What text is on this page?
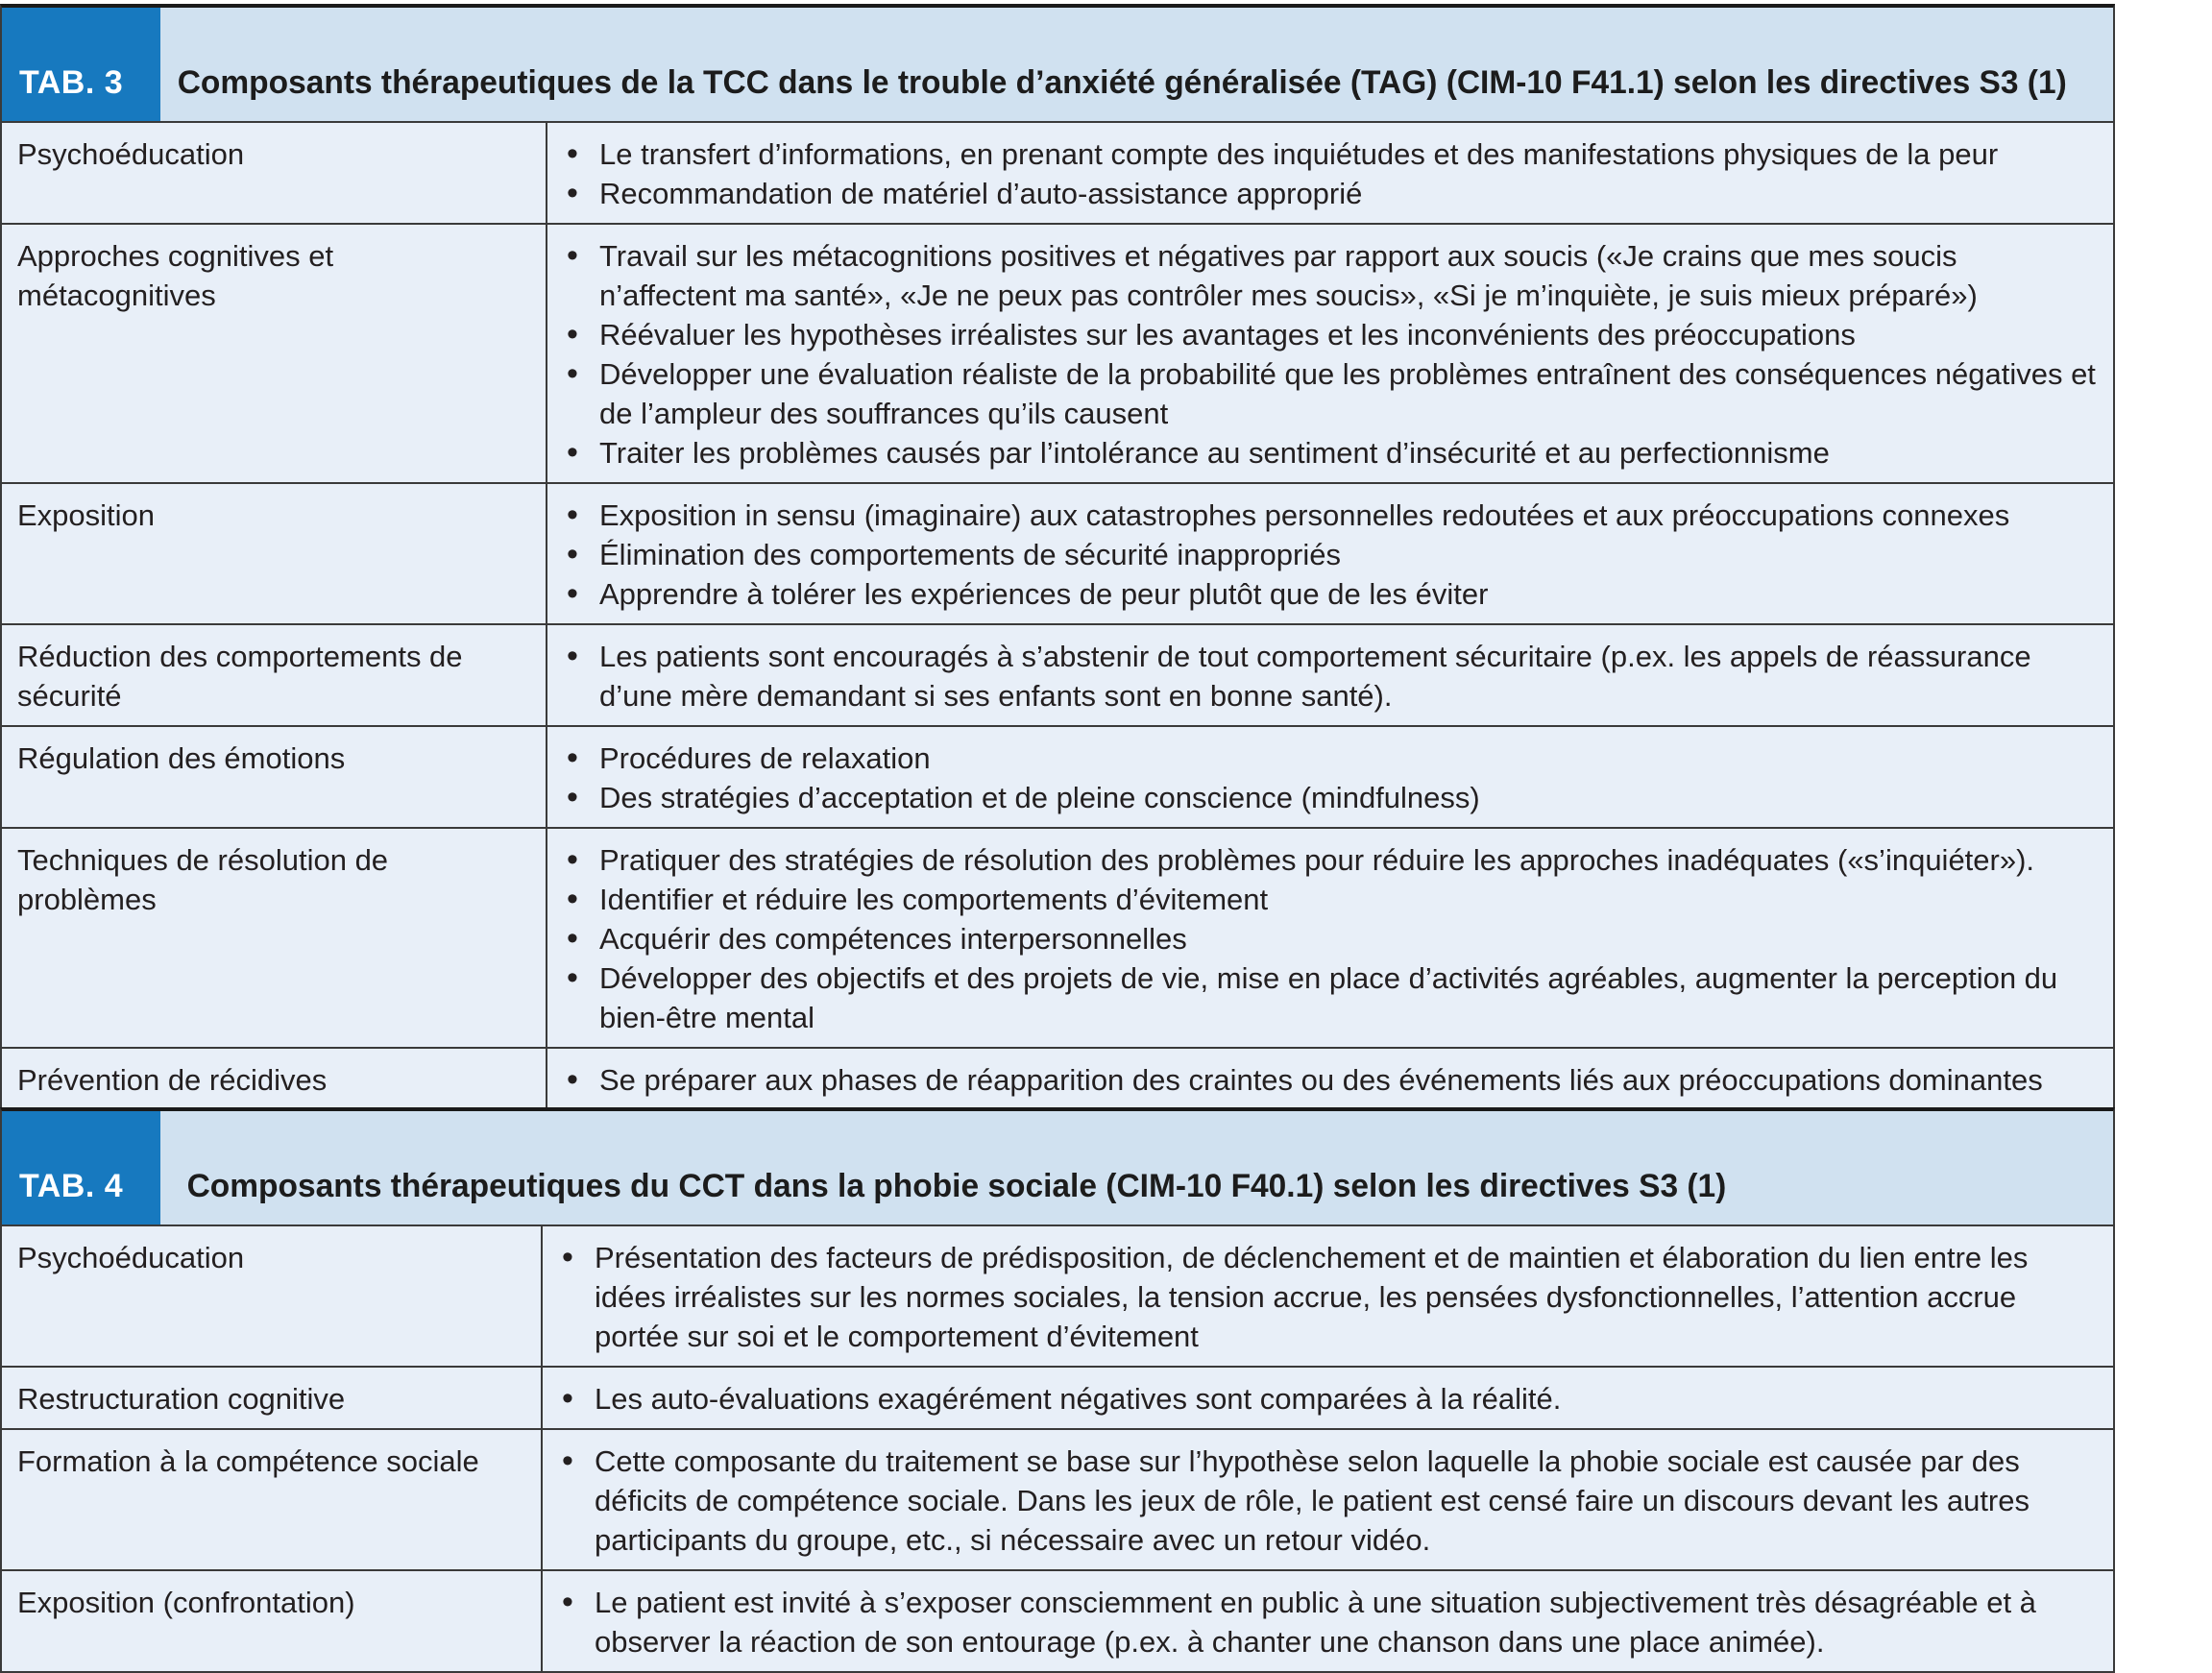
TAB. 3	Composants thérapeutiques de la TCC dans le trouble d’anxiété généralisée (TAG) (CIM-10 F41.1) selon les directives S3 (1)
Psychoéducation	• Le transfert d’informations, en prenant compte des inquiétudes et des manifestations physiques de la peur
• Recommandation de matériel d’auto-assistance approprié
Approches cognitives et métacognitives
• Travail sur les métacognitions positives et négatives par rapport aux soucis («Je crains que mes soucis n’affectent ma santé», «Je ne peux pas contrôler mes soucis», «Si je m’inquiète, je suis mieux préparé»)
• Réévaluer les hypothèses irréalistes sur les avantages et les inconvénients des préoccupations
• Développer une évaluation réaliste de la probabilité que les problèmes entraînent des conséquences négatives et de l’ampleur des souffrances qu’ils causent
• Traiter les problèmes causés par l’intolérance au sentiment d’insécurité et au perfectionnisme
Exposition	• Exposition in sensu (imaginaire) aux catastrophes personnelles redoutées et aux préoccupations connexes
• Élimination des comportements de sécurité inappropriés
• Apprendre à tolérer les expériences de peur plutôt que de les éviter
Réduction des comportements de sécurité
• Les patients sont encouragés à s’abstenir de tout comportement sécuritaire (p.ex. les appels de réassurance d’une mère demandant si ses enfants sont en bonne santé).
Régulation des émotions	• Procédures de relaxation
• Des stratégies d’acceptation et de pleine conscience (mindfulness)
Techniques de résolution de problèmes
• Pratiquer des stratégies de résolution des problèmes pour réduire les approches inadéquates («s’inquiéter»).
• Identifier et réduire les comportements d’évitement
• Acquérir des compétences interpersonnelles
• Développer des objectifs et des projets de vie, mise en place d’activités agréables, augmenter la perception du bien-être mental
Prévention de récidives	• Se préparer aux phases de réapparition des craintes ou des événements liés aux préoccupations dominantes
TAB. 4	Composants thérapeutiques du CCT dans la phobie sociale (CIM-10 F40.1) selon les directives S3 (1)
Psychoéducation	• Présentation des facteurs de prédisposition, de déclenchement et de maintien et élaboration du lien entre les idées irréalistes sur les normes sociales, la tension accrue, les pensées dysfonctionnelles, l’attention accrue portée sur soi et le comportement d’évitement
Restructuration cognitive	• Les auto-évaluations exagérément négatives sont comparées à la réalité.
Formation à la compétence sociale	• Cette composante du traitement se base sur l’hypothèse selon laquelle la phobie sociale est causée par des déficits de compétence sociale. Dans les jeux de rôle, le patient est censé faire un discours devant les autres participants du groupe, etc., si nécessaire avec un retour vidéo.
Exposition (confrontation)	• Le patient est invité à s’exposer consciemment en public à une situation subjectivement très désagréable et à observer la réaction de son entourage (p.ex. à chanter une chanson dans une place animée).
